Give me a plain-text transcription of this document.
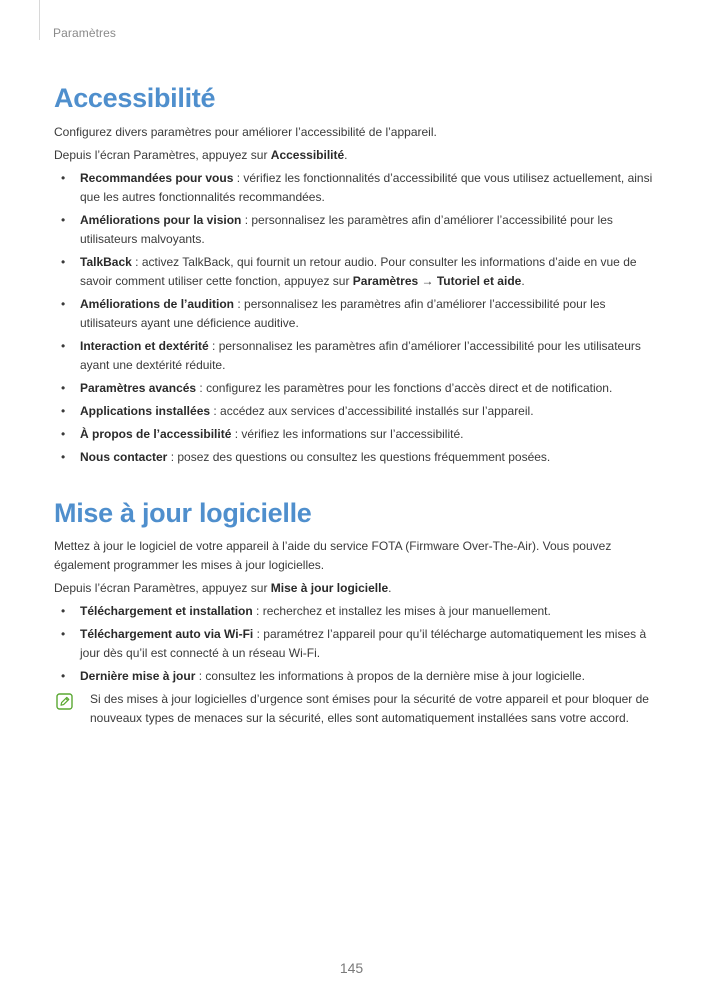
Paramètres
Accessibilité

Configurez divers paramètres pour améliorer l’accessibilité de l’appareil.

Depuis l’écran Paramètres, appuyez sur Accessibilité.

• Recommandées pour vous : vérifiez les fonctionnalités d’accessibilité que vous utilisez actuellement, ainsi que les autres fonctionnalités recommandées.
• Améliorations pour la vision : personnalisez les paramètres afin d’améliorer l’accessibilité pour les utilisateurs malvoyants.
• TalkBack : activez TalkBack, qui fournit un retour audio. Pour consulter les informations d’aide en vue de savoir comment utiliser cette fonction, appuyez sur Paramètres → Tutoriel et aide.
• Améliorations de l’audition : personnalisez les paramètres afin d’améliorer l’accessibilité pour les utilisateurs ayant une déficience auditive.
• Interaction et dextérité : personnalisez les paramètres afin d’améliorer l’accessibilité pour les utilisateurs ayant une dextérité réduite.
• Paramètres avancés : configurez les paramètres pour les fonctions d’accès direct et de notification.
• Applications installées : accédez aux services d’accessibilité installés sur l’appareil.
• À propos de l’accessibilité : vérifiez les informations sur l’accessibilité.
• Nous contacter : posez des questions ou consultez les questions fréquemment posées.
Mise à jour logicielle

Mettez à jour le logiciel de votre appareil à l’aide du service FOTA (Firmware Over-The-Air). Vous pouvez également programmer les mises à jour logicielles.

Depuis l’écran Paramètres, appuyez sur Mise à jour logicielle.

• Téléchargement et installation : recherchez et installez les mises à jour manuellement.
• Téléchargement auto via Wi-Fi : paramétrez l’appareil pour qu’il télécharge automatiquement les mises à jour dès qu’il est connecté à un réseau Wi-Fi.
• Dernière mise à jour : consultez les informations à propos de la dernière mise à jour logicielle.
Si des mises à jour logicielles d’urgence sont émises pour la sécurité de votre appareil et pour bloquer de nouveaux types de menaces sur la sécurité, elles sont automatiquement installées sans votre accord.
145
